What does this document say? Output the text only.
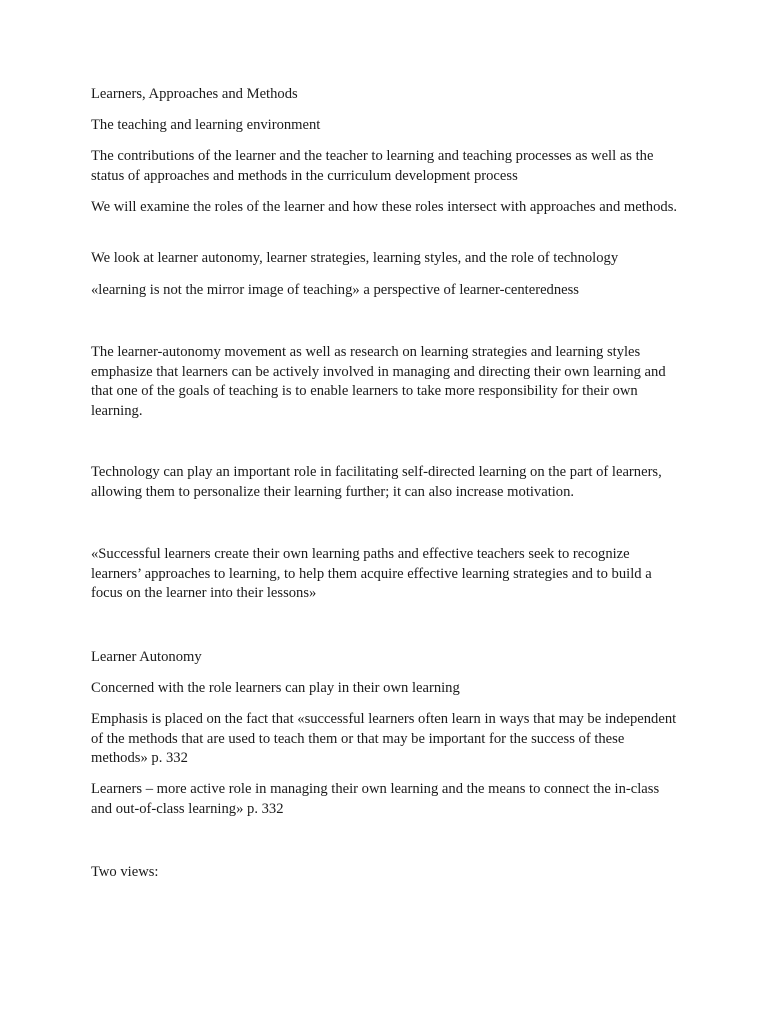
Learners, Approaches and Methods

The teaching and learning environment

The contributions of the learner and the teacher to learning and teaching processes as well as the status of approaches and methods in the curriculum development process

We will examine the roles of the learner and how these roles intersect with approaches and methods.

We look at learner autonomy, learner strategies, learning styles, and the role of technology

«learning is not the mirror image of teaching» a perspective of learner-centeredness

The learner-autonomy movement as well as research on learning strategies and learning styles emphasize that learners can be actively involved in managing and directing their own learning and that one of the goals of teaching is to enable learners to take more responsibility for their own learning.

Technology can play an important role in facilitating self-directed learning on the part of learners, allowing them to personalize their learning further; it can also increase motivation.

«Successful learners create their own learning paths and effective teachers seek to recognize learners’ approaches to learning, to help them acquire effective learning strategies and to build a focus on the learner into their lessons»

Learner Autonomy

Concerned with the role learners can play in their own learning

Emphasis is placed on the fact that «successful learners often learn in ways that may be independent of the methods that are used to teach them or that may be important for the success of these methods» p. 332

Learners – more active role in managing their own learning and the means to connect the in-class and out-of-class learning» p. 332

Two views:
